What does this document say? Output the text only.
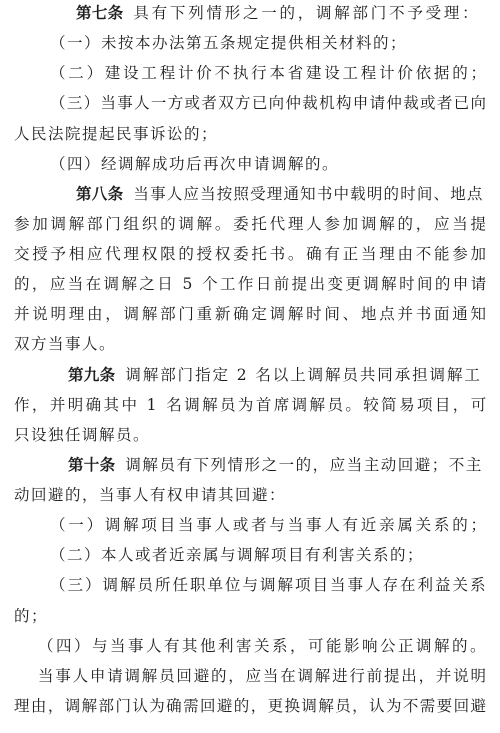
第七条 具有下列情形之一的，调解部门不予受理：
（一）未按本办法第五条规定提供相关材料的；
（二）建设工程计价不执行本省建设工程计价依据的；
（三）当事人一方或者双方已向仲裁机构申请仲裁或者已向
人民法院提起民事诉讼的；
（四）经调解成功后再次申请调解的。
第八条 当事人应当按照受理通知书中载明的时间、地点
参加调解部门组织的调解。委托代理人参加调解的，应当提
交授予相应代理权限的授权委托书。确有正当理由不能参加
的，应当在调解之日 5 个工作日前提出变更调解时间的申请
并说明理由，调解部门重新确定调解时间、地点并书面通知
双方当事人。
第九条 调解部门指定 2 名以上调解员共同承担调解工
作，并明确其中 1 名调解员为首席调解员。较简易项目，可
只设独任调解员。
第十条 调解员有下列情形之一的，应当主动回避；不主
动回避的，当事人有权申请其回避：
（一）调解项目当事人或者与当事人有近亲属关系的；
（二）本人或者近亲属与调解项目有利害关系的；
（三）调解员所任职单位与调解项目当事人存在利益关系
的；
（四）与当事人有其他利害关系，可能影响公正调解的。
当事人申请调解员回避的，应当在调解进行前提出，并说明
理由，调解部门认为确需回避的，更换调解员，认为不需要回避
